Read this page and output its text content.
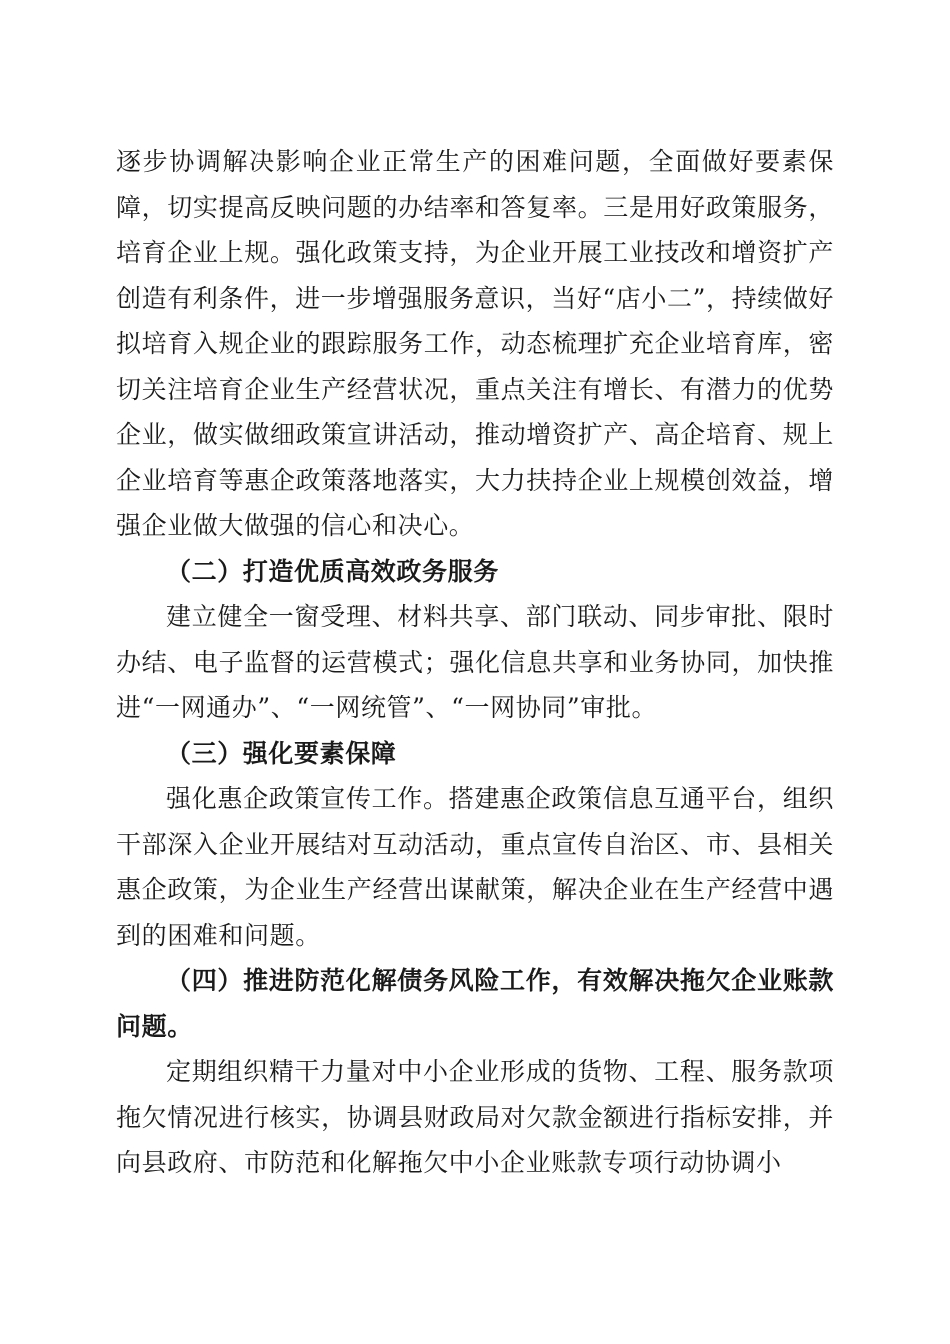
逐步协调解决影响企业正常生产的困难问题，全面做好要素保障，切实提高反映问题的办结率和答复率。三是用好政策服务，培育企业上规。强化政策支持，为企业开展工业技改和增资扩产创造有利条件，进一步增强服务意识，当好“店小二”，持续做好拟培育入规企业的跟踪服务工作，动态梳理扩充企业培育库，密切关注培育企业生产经营状况，重点关注有增长、有潜力的优势企业，做实做细政策宣讲活动，推动增资扩产、高企培育、规上企业培育等惠企政策落地落实，大力扶持企业上规模创效益，增强企业做大做强的信心和决心。

（二）打造优质高效政务服务

建立健全一窗受理、材料共享、部门联动、同步审批、限时办结、电子监督的运营模式；强化信息共享和业务协同，加快推进“一网通办”、“一网统管”、“一网协同”审批。

（三）强化要素保障

强化惠企政策宣传工作。搭建惠企政策信息互通平台，组织干部深入企业开展结对互动活动，重点宣传自治区、市、县相关惠企政策，为企业生产经营出谋献策，解决企业在生产经营中遇到的困难和问题。

（四）推进防范化解债务风险工作，有效解决拖欠企业账款问题。

定期组织精干力量对中小企业形成的货物、工程、服务款项拖欠情况进行核实，协调县财政局对欠款金额进行指标安排，并向县政府、市防范和化解拖欠中小企业账款专项行动协调小
